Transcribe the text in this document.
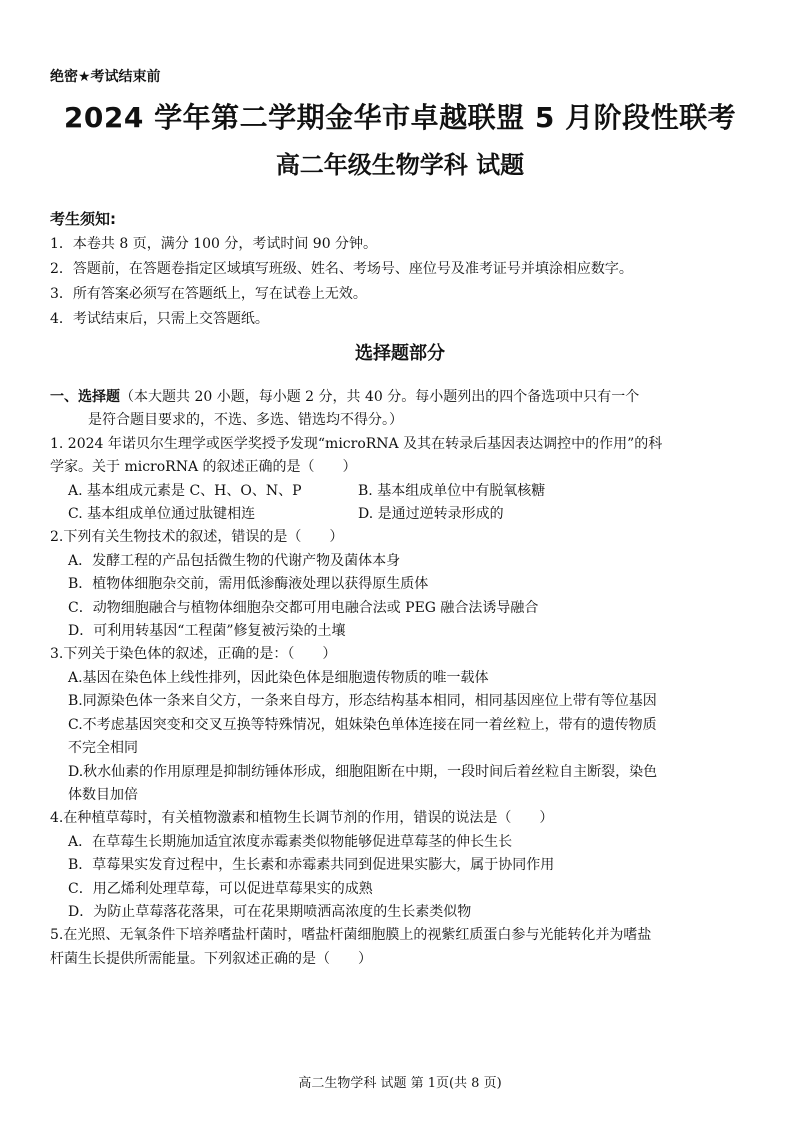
绝密★考试结束前
2024 学年第二学期金华市卓越联盟 5 月阶段性联考
高二年级生物学科 试题
考生须知:
1．本卷共 8 页，满分 100 分，考试时间 90 分钟。
2．答题前，在答题卷指定区域填写班级、姓名、考场号、座位号及准考证号并填涂相应数字。
3．所有答案必须写在答题纸上，写在试卷上无效。
4．考试结束后，只需上交答题纸。
选择题部分
一、选择题（本大题共 20 小题，每小题 2 分，共 40 分。每小题列出的四个备选项中只有一个
是符合题目要求的，不选、多选、错选均不得分。）
1. 2024 年诺贝尔生理学或医学奖授予发现“microRNA 及其在转录后基因表达调控中的作用”的科
学家。关于 microRNA 的叙述正确的是（　　）
A. 基本组成元素是 C、H、O、N、P	B. 基本组成单位中有脱氧核糖
C. 基本组成单位通过肽键相连	D. 是通过逆转录形成的
2.下列有关生物技术的叙述，错误的是（　　）
A．发酵工程的产品包括微生物的代谢产物及菌体本身
B．植物体细胞杂交前，需用低渗酶液处理以获得原生质体
C．动物细胞融合与植物体细胞杂交都可用电融合法或 PEG 融合法诱导融合
D．可利用转基因“工程菌”修复被污染的土壤
3.下列关于染色体的叙述，正确的是：（　　）
A.基因在染色体上线性排列，因此染色体是细胞遗传物质的唯一载体
B.同源染色体一条来自父方，一条来自母方，形态结构基本相同，相同基因座位上带有等位基因
C.不考虑基因突变和交叉互换等特殊情况，姐妹染色单体连接在同一着丝粒上，带有的遗传物质
不完全相同
D.秋水仙素的作用原理是抑制纺锤体形成，细胞阻断在中期，一段时间后着丝粒自主断裂，染色
体数目加倍
4.在种植草莓时，有关植物激素和植物生长调节剂的作用，错误的说法是（　　）
A．在草莓生长期施加适宜浓度赤霉素类似物能够促进草莓茎的伸长生长
B．草莓果实发育过程中，生长素和赤霉素共同到促进果实膨大，属于协同作用
C．用乙烯利处理草莓，可以促进草莓果实的成熟
D．为防止草莓落花落果，可在花果期喷洒高浓度的生长素类似物
5.在光照、无氧条件下培养嗜盐杆菌时，嗜盐杆菌细胞膜上的视紫红质蛋白参与光能转化并为嗜盐
杆菌生长提供所需能量。下列叙述正确的是（　　）
高二生物学科 试题 第 1页(共 8 页)
